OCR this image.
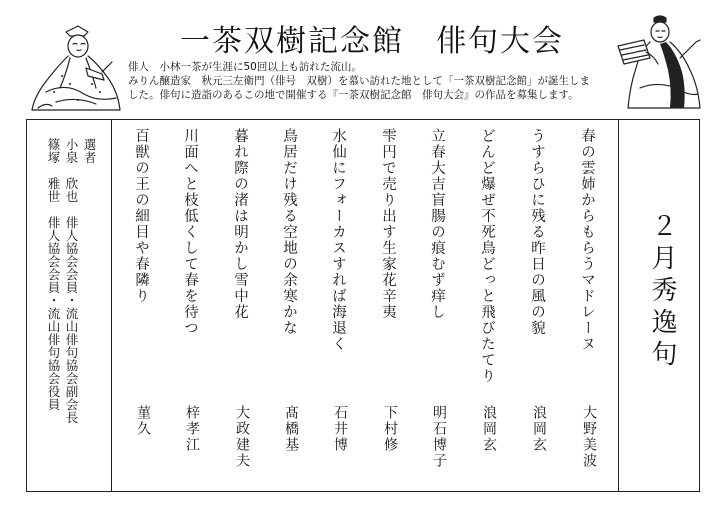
一茶双樹記念館　俳句大会
俳人　小林一茶が生涯に50回以上も訪れた流山。
みりん醸造家　秋元三左衛門（俳号　双樹）を慕い訪れた地として「一茶双樹記念館」が誕生しま
した。俳句に造詣のあるこの地で開催する『一茶双樹記念館　俳句大会』の作品を募集します。
２月秀逸句
春の雲姉からもらうマドレーヌ
大野美波
うすらひに残る昨日の風の貌
浪岡玄
どんど爆ぜ不死鳥どっと飛びたてり
浪岡玄
立春大吉盲腸の痕むず痒し
明石博子
雫円で売り出す生家花辛夷
下村修
水仙にフォーカスすれば海退く
石井博
鳥居だけ残る空地の余寒かな
髙橋基
暮れ際の渚は明かし雪中花
大政建夫
川面へと枝低くして春を待つ
梓孝江
百獣の王の細目や春隣り
菫久
選者
小泉　欣也　俳人協会会員・流山俳句協会副会長
篠塚　雅世　俳人協会会員・流山俳句協会役員
